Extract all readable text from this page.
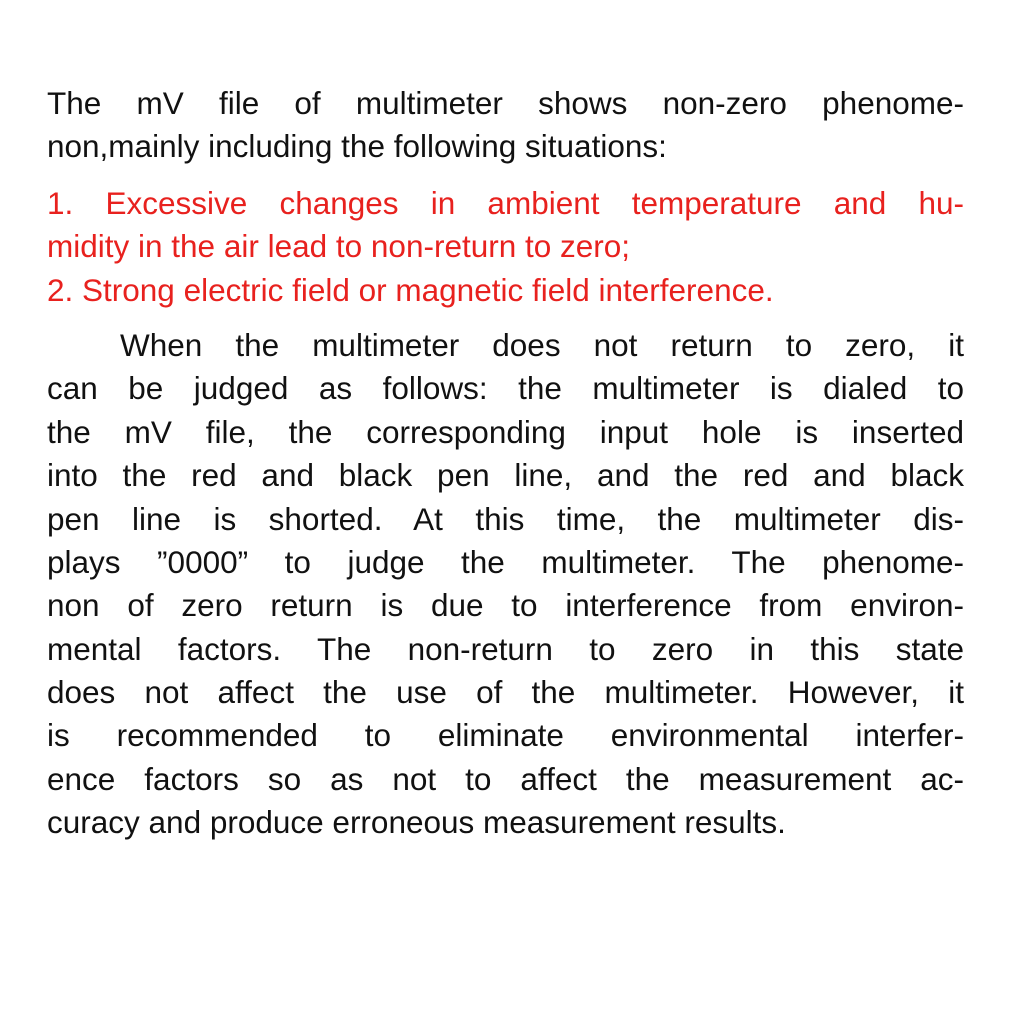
The mV file of multimeter shows non-zero phenome-
non,mainly including the following situations:
1. Excessive changes in ambient temperature and hu-
midity in the air lead to non-return to zero;
2. Strong electric field or magnetic field interference.
When the multimeter does not return to zero, it
can be judged as follows: the multimeter is dialed to
the mV file, the corresponding input hole is inserted
into the red and black pen line, and the red and black
pen line is shorted. At this time, the multimeter dis-
plays ”0000” to judge the multimeter. The phenome-
non of zero return is due to interference from environ-
mental factors. The non-return to zero in this state
does not affect the use of the multimeter. However, it
is recommended to eliminate environmental interfer-
ence factors so as not to affect the measurement ac-
curacy and produce erroneous measurement results.
